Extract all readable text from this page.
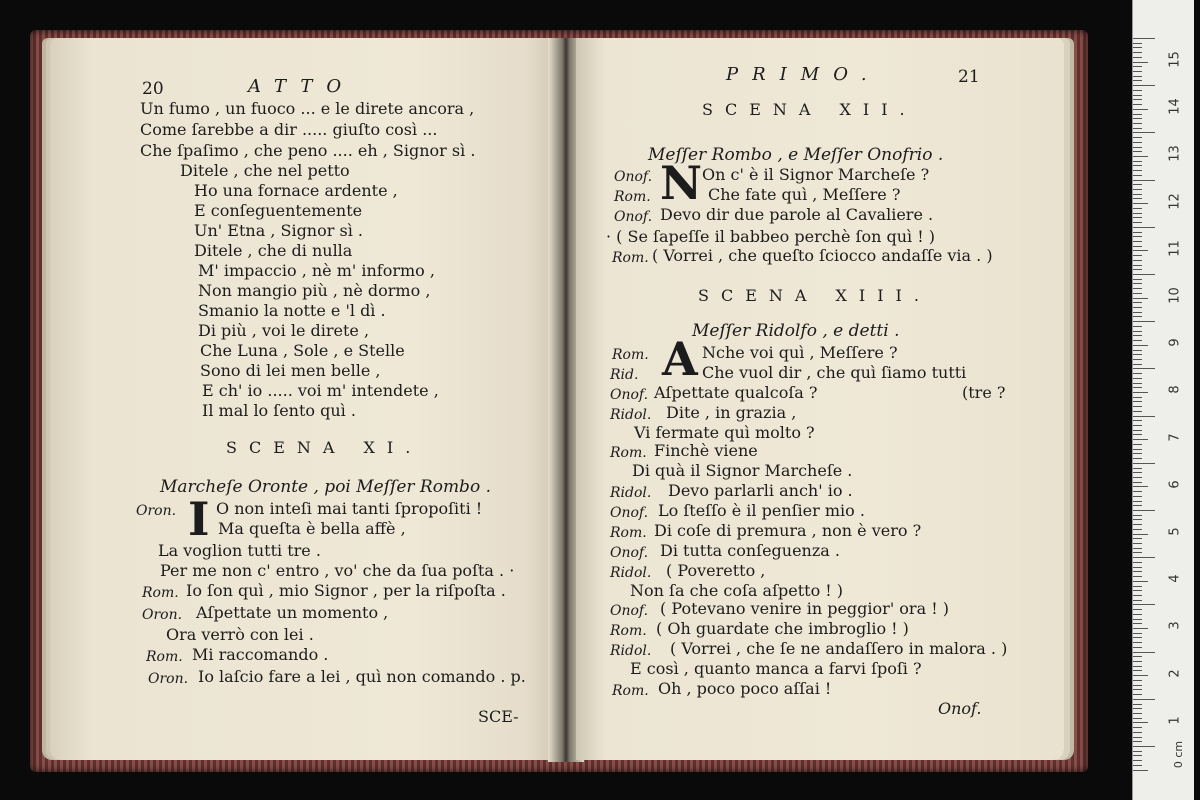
20	ATTO
Un fumo , un fuoco ... e le direte ancora ,
Come ſarebbe a dir ..... giuſto così ...
Che ſpaſimo , che peno .... eh , Signor sì .
Ditele , che nel petto
Ho una fornace ardente ,
E conſeguentemente
Un' Etna , Signor sì .
Ditele , che di nulla
M' impaccio , nè m' informo ,
Non mangio più , nè dormo ,
Smanio la notte e 'l dì .
Di più , voi le direte ,
Che Luna , Sole , e Stelle
Sono di lei men belle ,
E ch' io ..... voi m' intendete ,
Il mal lo ſento quì .
SCENA XI.
Marcheſe Oronte , poi Meſſer Rombo .
Oron. I O non inteſi mai tanti ſpropoſiti !
Ma queſta è bella affè ,
La voglion tutti tre .
Per me non c' entro , vo' che da ſua poſta . ·
Rom. Io ſon quì , mio Signor , per la riſpoſta .
Oron. Aſpettate un momento ,
Ora verrò con lei .
Rom. Mi raccomando .
Oron. Io laſcio fare a lei , quì non comando . p.
SCE-
PRIMO.	21
SCENA XII.
Meſſer Rombo , e Meſſer Onofrio .
Onof. N On c' è il Signor Marcheſe ?
Rom.	Che fate quì , Meſſere ?
Onof. Devo dir due parole al Cavaliere .
· ( Se ſapeſſe il babbeo perchè ſon quì ! )
Rom. ( Vorrei , che queſto ſciocco andaſſe via . )
SCENA XIII.
Meſſer Ridolfo , e detti .
Rom. A Nche voi quì , Meſſere ?
Rid.	Che vuol dir , che quì ſiamo tutti
Onof. Aſpettate qualcoſa ?	(tre ?
Ridol. Dite , in grazia ,
Vi fermate quì molto ?
Rom. Finchè viene
Di quà il Signor Marcheſe .
Ridol. Devo parlarli anch' io .
Onof. Lo ſteſſo è il penſier mio .
Rom. Di coſe di premura , non è vero ?
Onof. Di tutta conſeguenza .
Ridol. ( Poveretto ,
Non ſa che coſa aſpetto ! )
Onof. ( Potevano venire in peggior' ora ! )
Rom. ( Oh guardate che imbroglio ! )
Ridol. ( Vorrei , che ſe ne andaſſero in malora . )
E così , quanto manca a farvi ſpoſi ?
Rom. Oh , poco poco aſſai !
Onof.
15
14
13
12
11
10
9
8
7
6
5
4
3
2
1
0 cm
